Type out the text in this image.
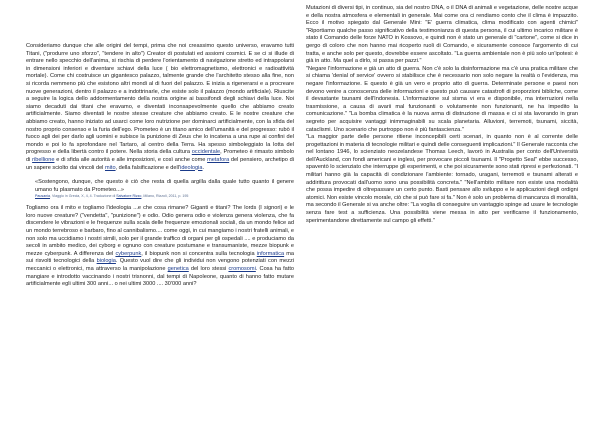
Consideriamo dunque che alle origini del tempi, prima che noi creassimo questo universo, eravamo tutti Titani, ("produrre uno sforzo", "tendere in alto") Creator di postulati ed assiomi cosmici. E se ci si illude di entrare nello specchio dell'anima, si rischia di perdere l'orientamento di navigazione stretto ed intrappolarsi in dimensioni inferiori e diventare schiavi della luce ( bio elettromagnetismo, elettronici e radioattività mortale). Come chi costruisce un gigantesco palazzo, talmente grande che l'architetto stesso alla fine, non si ricorda nemmeno più che esistono altri mondi al di fuori del palazzo. E inizia a rigenerarsi e a procreare nuove generazioni, dentro il palazzo e a indottrinarle, che esiste solo il palazzo (mondo artificiale). Riuscite a seguire la logica dello addormentamento della nostra origine ai bassifondi degli schiavi della luce. Noi siamo decaduti dai titani che eravamo, e diventati inconsapevolmente quello che abbiamo creato artificialmente. Siamo diventati le nostre stesse creature che abbiamo creato. E le nostre creature che abbiamo creato, hanno iniziato ad usarci come loro nutrizione per dominarci artificialmente, con la sfida del nostro proprio consenso e la furia dell'ego. Prometeo è un titano amico dell'umanità e del progresso: rubò il fuoco agli dei per darlo agli uomini e subisce la punizione di Zeus che lo incatena a una rupe ai confini del mondo e poi lo fa sprofondare nel Tartaro, al centro della Terra. Ha spesso simboleggiato la lotta del progresso e della libertà contro il potere. Nella storia della cultura occidentale, Prometeo è rimasto simbolo di ribellione e di sfida alle autorità e alle imposizioni, e così anche come metafora del pensiero, archetipo di un sapere sciolto dai vincoli del mito, della falsificazione e dell'ideologia.

«Sostengono, dunque, che questo è ciò che resta di quella argilla dalla quale tutto quanto il genere umano fu plasmato da Prometeo...»

Pausania, Viaggio in Grecia, X, 4, 4. Traduzione di Salvatore Rizzo, Milano, Rizzoli, 2011, p. 195

Togliamo ora il mito e togliamo l'ideologia ...e che cosa rimane? Giganti e titani? The lords (I signori) e le loro nuove creature? ("vendetta", "punizione") e odio. Odio genera odio e violenza genera violenza, che fa discendere le vibrazioni e le frequenze sulla scala delle frequenze emozionali sociali, da un mondo felice ad un mondo terrebroso e barbaro, fino al cannibalismo.... come oggi, in cui mangiamo i nostri fratelli animali, e non solo ma uccidiamo i nostri simili, solo per il grande traffico di organi per gli ospedali .... e produciamo da secoli in ambito medico, dei cyborg e ognuno con creature postumane e transumaniste, mezze biopunk e mezze cyberpunk. A differenza del cyberpunk, il biopunk non si concentra sulla tecnologia informatica ma sui risvolti tecnologici della biologia. Questo vuol dire che gli individui non vengono potenziati con mezzi meccanici o elettronici, ma attraverso la manipolazione genetica del loro stessi cromosomi. Cosa ha fatto mangiare e introdotto vaccinando i nostri trisnonni, dal tempi di Napoleone, quanto di hanno fatto mutare artificialmente egli ultimi 300 anni... o nei ultimi 3000 .... 30'000 anni?

Mutazioni di diversi tipi, in continuo, sia del nostro DNA, o il DNA di animali e vegetazione, delle nostre acque e della nostra atmosfera e elementali in generale. Mai come ora ci rendiamo conto che il clima è impazzito. Ecco il motivo spiegato dal Generale Mini: "E' guerra climatica, clima modificato con agenti chimici" "Riportiamo qualche passo significativo della testimonianza di questa persona, il cui ultimo incarico militare è stato il Comando delle forze NATO in Kossovo, e quindi non è stato un generale di "cartone", come si dice in gergo di coloro che non hanno mai ricoperto ruoli di Comando, e sicuramente conosce l'argomento di cui tratta, e anche solo per questo, dovrebbe essere ascoltato. "La guerra ambientale non è più solo un'ipotesi: è già in atto. Ma quel a dirlo, si passa per pazzi."

"Negare l'informazione e già un atto di guerra. Non c'è solo la disinformazione ma c'è una pratica militare che si chiama 'denial of service' ovvero si stabilisce che è necessario non solo negare la realtà o l'evidenza, ma negare l'informazione. E questo è già un vero e proprio atto di guerra. Determinate persone e paesi non devono venire a conoscenza delle informazioni e questo può causare catastrofi di proporzioni bibliche, come il devastante tsunami dell'Indonesia. L'informazione sul sisma vi era e disponibile, ma interruzioni nella trasmissione, a causa di avarii mal funzionanti o volutamente non funzionanti, ne ha impedito la comunicazione." "La bomba climatica è la nuova arma di distruzione di massa e ci si sta lavorando in gran segreto per acquisire vantaggi inimmaginabili su scala planetaria. Alluvioni, terremoti, tsunami, siccità, cataclismi. Uno scenario che purtroppo non è più fantascienza."

"La maggior parte delle persone ritiene inconcepibili certi scenari, in quanto non è al corrente delle progettazioni in materia di tecnologie militari e quindi delle conseguenti implicazioni." Il Generale racconta che nel lontano 1946, lo scienziato neozelandese Thomas Leech, lavorò in Australia per conto dell'Università dell'Auckland, con fondi americani e inglesi, per provocare piccoli tsunami. Il "Progetto Seal" ebbe successo, spaventò lo scienziato che interruppe gli esperimenti, e che poi sicuramente sono stati ripresi e perfezionati. "I militari hanno già la capacità di condizionare l'ambiente: tornado, uragani, terremoti e tsunami alterati e addirittura provocati dall'uomo sono una possibilità concreta." "Nell'ambito militare non esiste una modalità che possa impedire di oltrepassare un certo punto. Basti pensare allo sviluppo e le applicazioni degli ordigni atomici. Non esiste vincolo morale, ciò che si può fare si fa." Non è solo un problema di mancanza di moralità, ma secondo il Generale si va anche oltre: "La voglia di conseguire un vantaggio spinge ad usare le tecnologie senza fare test a sufficienza. Una possibilità viene messa in atto per verificarne il funzionamento, sperimentandone direttamente sul campo gli effetti."
